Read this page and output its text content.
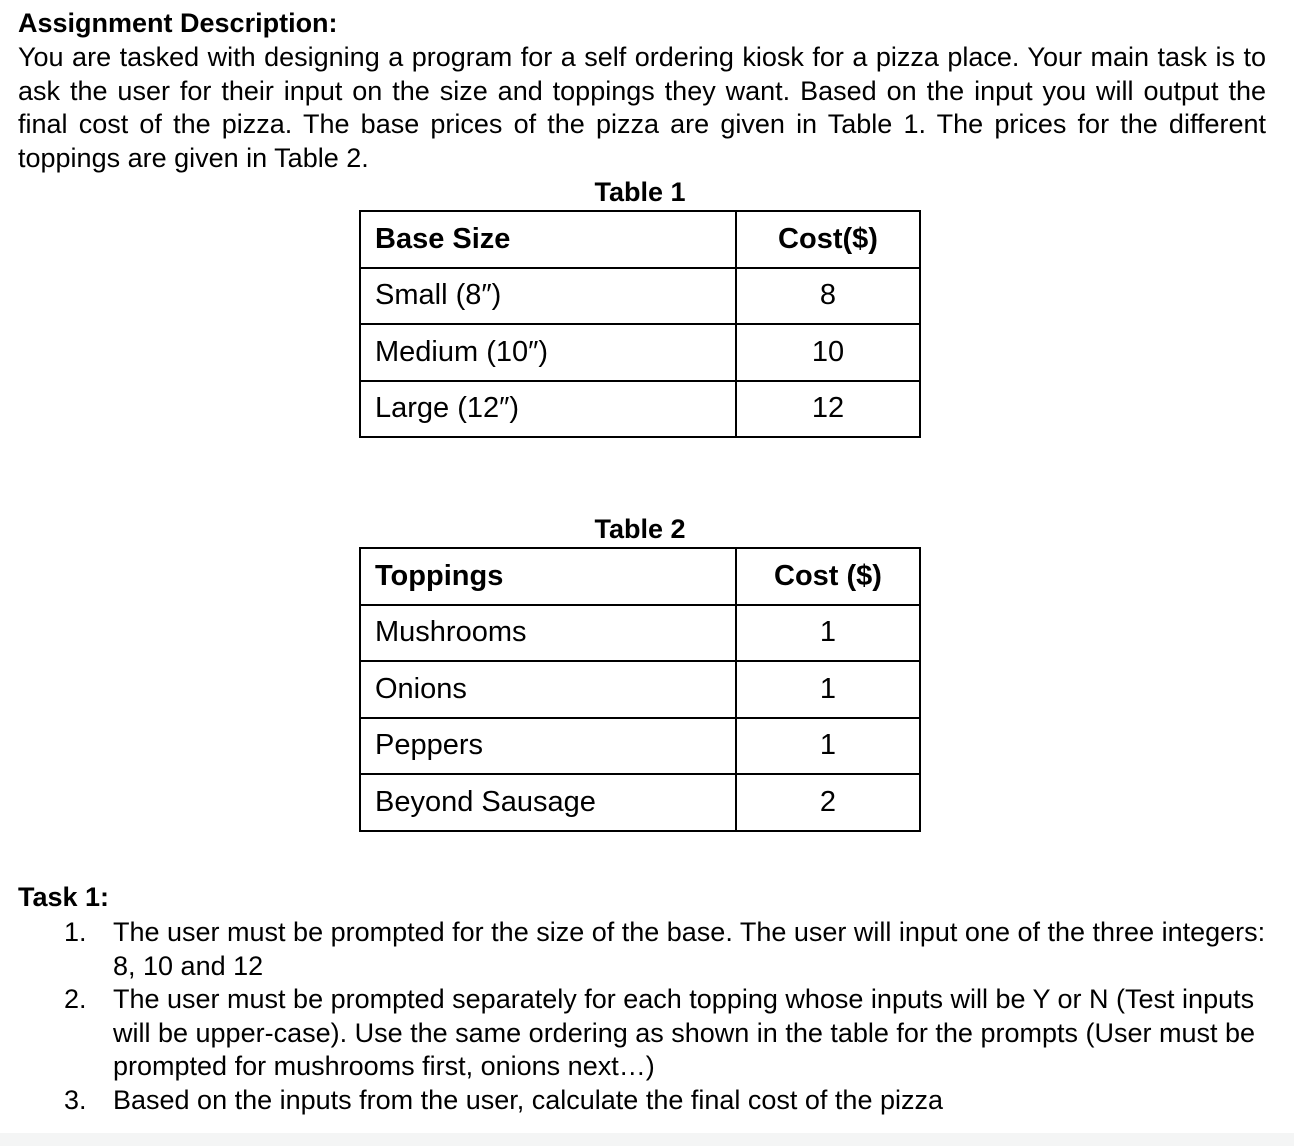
Assignment Description:
You are tasked with designing a program for a self ordering kiosk for a pizza place. Your main task is to ask the user for their input on the size and toppings they want. Based on the input you will output the final cost of the pizza. The base prices of the pizza are given in Table 1. The prices for the different toppings are given in Table 2.
Table 1
Base Size	Cost($)
Small (8″)	8
Medium (10″)	10
Large (12″)	12
Table 2
Toppings	Cost ($)
Mushrooms	1
Onions	1
Peppers	1
Beyond Sausage	2
Task 1:
1. The user must be prompted for the size of the base. The user will input one of the three integers: 8, 10 and 12
2. The user must be prompted separately for each topping whose inputs will be Y or N (Test inputs will be upper-case). Use the same ordering as shown in the table for the prompts (User must be prompted for mushrooms first, onions next…)
3. Based on the inputs from the user, calculate the final cost of the pizza
